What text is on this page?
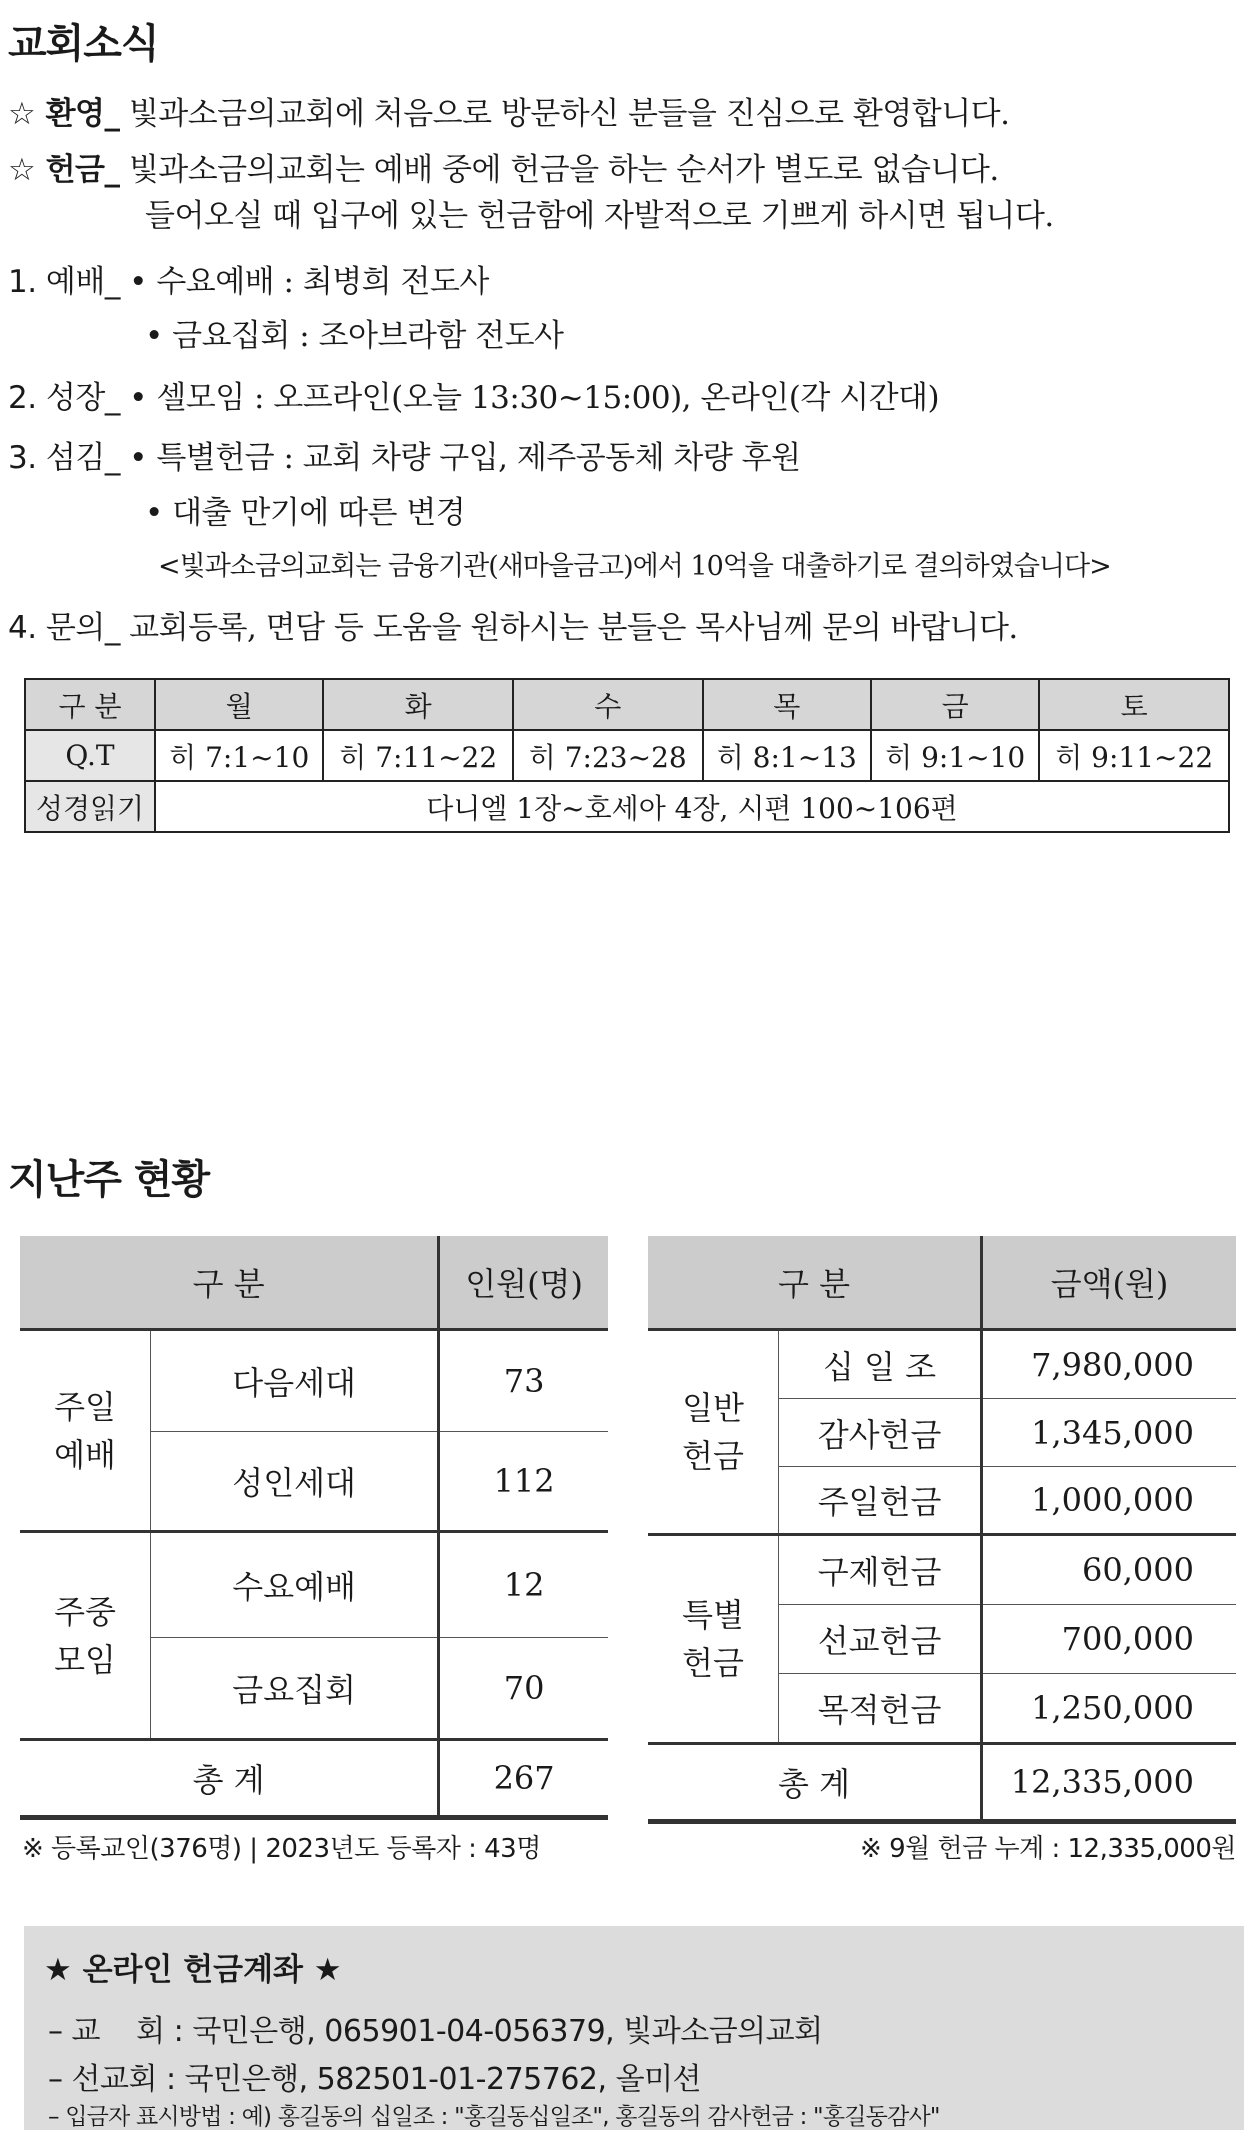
교회소식
☆ 환영_ 빛과소금의교회에 처음으로 방문하신 분들을 진심으로 환영합니다.
☆ 헌금_ 빛과소금의교회는 예배 중에 헌금을 하는 순서가 별도로 없습니다.
들어오실 때 입구에 있는 헌금함에 자발적으로 기쁘게 하시면 됩니다.
1. 예배_ • 수요예배 : 최병희 전도사
• 금요집회 : 조아브라함 전도사
2. 성장_ • 셀모임 : 오프라인(오늘 13:30~15:00), 온라인(각 시간대)
3. 섬김_ • 특별헌금 : 교회 차량 구입, 제주공동체 차량 후원
• 대출 만기에 따른 변경
<빛과소금의교회는 금융기관(새마을금고)에서 10억을 대출하기로 결의하였습니다>
4. 문의_ 교회등록, 면담 등 도움을 원하시는 분들은 목사님께 문의 바랍니다.
구 분	월	화	수	목	금	토
Q.T	히 7:1~10	히 7:11~22	히 7:23~28	히 8:1~13	히 9:1~10	히 9:11~22
성경읽기	다니엘 1장~호세아 4장, 시편 100~106편					
지난주 현황
구 분		인원(명)

주일
예배	다음세대	73
	성인세대	112

주중
모임	수요예배	12
	금요집회	70
총 계		267
구 분		금액(원)

일반
헌금	십 일 조	7,980,000
	감사헌금	1,345,000
	주일헌금	1,000,000

특별
헌금	구제헌금	60,000
	선교헌금	700,000
	목적헌금	1,250,000
총 계		12,335,000
※ 등록교인(376명) | 2023년도 등록자 : 43명	※ 9월 헌금 누계 : 12,335,000원
★ 온라인 헌금계좌 ★
– 교    회 : 국민은행, 065901-04-056379, 빛과소금의교회
– 선교회 : 국민은행, 582501-01-275762, 올미션
– 입금자 표시방법 : 예) 홍길동의 십일조 : "홍길동십일조", 홍길동의 감사헌금 : "홍길동감사"
